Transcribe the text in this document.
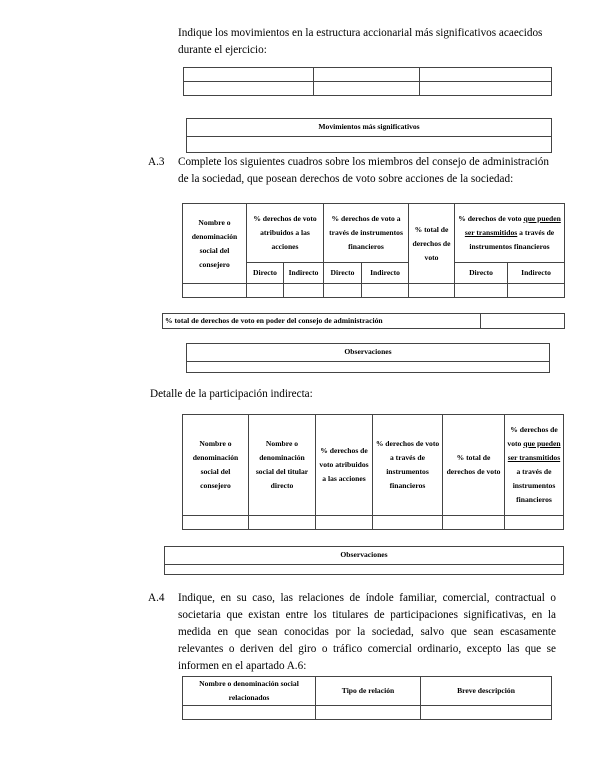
Indique los movimientos en la estructura accionarial más significativos acaecidos durante el ejercicio:

Movimientos más significativos
A.3 Complete los siguientes cuadros sobre los miembros del consejo de administración de la sociedad, que posean derechos de voto sobre acciones de la sociedad:

Nombre o denominación social del consejero	% derechos de voto atribuidos a las acciones		% derechos de voto a través de instrumentos financieros		% total de derechos de voto	% derechos de voto que pueden ser transmitidos a través de instrumentos financieros	
	Directo	Indirecto	Directo	Indirecto		Directo	Indirecto

% total de derechos de voto en poder del consejo de administración	
Observaciones

Detalle de la participación indirecta:

Nombre o denominación social del consejero	Nombre o denominación social del titular directo	% derechos de voto atribuidos a las acciones	% derechos de voto a través de instrumentos financieros	% total de derechos de voto	% derechos de voto que pueden ser transmitidos a través de instrumentos financieros

Observaciones
A.4 Indique, en su caso, las relaciones de índole familiar, comercial, contractual o societaria que existan entre los titulares de participaciones significativas, en la medida en que sean conocidas por la sociedad, salvo que sean escasamente relevantes o deriven del giro o tráfico comercial ordinario, excepto las que se informen en el apartado A.6:

Nombre o denominación social relacionados	Tipo de relación	Breve descripción
